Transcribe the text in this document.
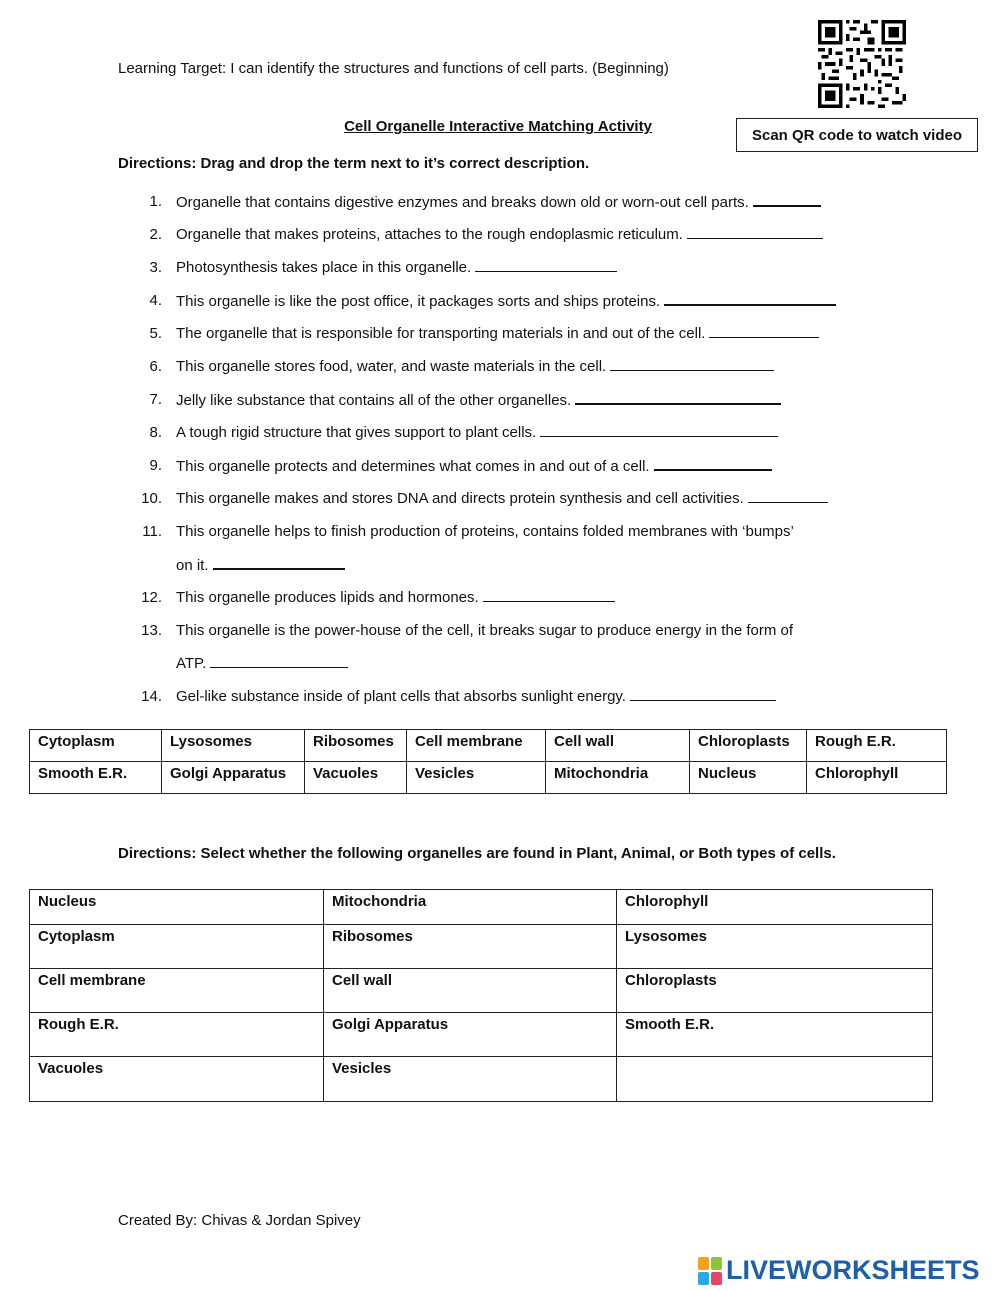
Learning Target: I can identify the structures and functions of cell parts. (Beginning)
Scan QR code to watch video
Cell Organelle Interactive Matching Activity
Directions: Drag and drop the term next to it’s correct description.
1. Organelle that contains digestive enzymes and breaks down old or worn-out cell parts.
2. Organelle that makes proteins, attaches to the rough endoplasmic reticulum.
3. Photosynthesis takes place in this organelle.
4. This organelle is like the post office, it packages sorts and ships proteins.
5. The organelle that is responsible for transporting materials in and out of the cell.
6. This organelle stores food, water, and waste materials in the cell.
7. Jelly like substance that contains all of the other organelles.
8. A tough rigid structure that gives support to plant cells.
9. This organelle protects and determines what comes in and out of a cell.
10. This organelle makes and stores DNA and directs protein synthesis and cell activities.
11. This organelle helps to finish production of proteins, contains folded membranes with ‘bumps’
on it.
12. This organelle produces lipids and hormones.
13. This organelle is the power-house of the cell, it breaks sugar to produce energy in the form of
ATP.
14. Gel-like substance inside of plant cells that absorbs sunlight energy.
Cytoplasm	Lysosomes	Ribosomes	Cell membrane	Cell wall	Chloroplasts	Rough E.R.
Smooth E.R.	Golgi Apparatus	Vacuoles	Vesicles	Mitochondria	Nucleus	Chlorophyll
Directions: Select whether the following organelles are found in Plant, Animal, or Both types of cells.
Nucleus	Mitochondria	Chlorophyll
Cytoplasm	Ribosomes	Lysosomes
Cell membrane	Cell wall	Chloroplasts
Rough E.R.	Golgi Apparatus	Smooth E.R.
Vacuoles	Vesicles	
Created By: Chivas & Jordan Spivey
LIVEWORKSHEETS
